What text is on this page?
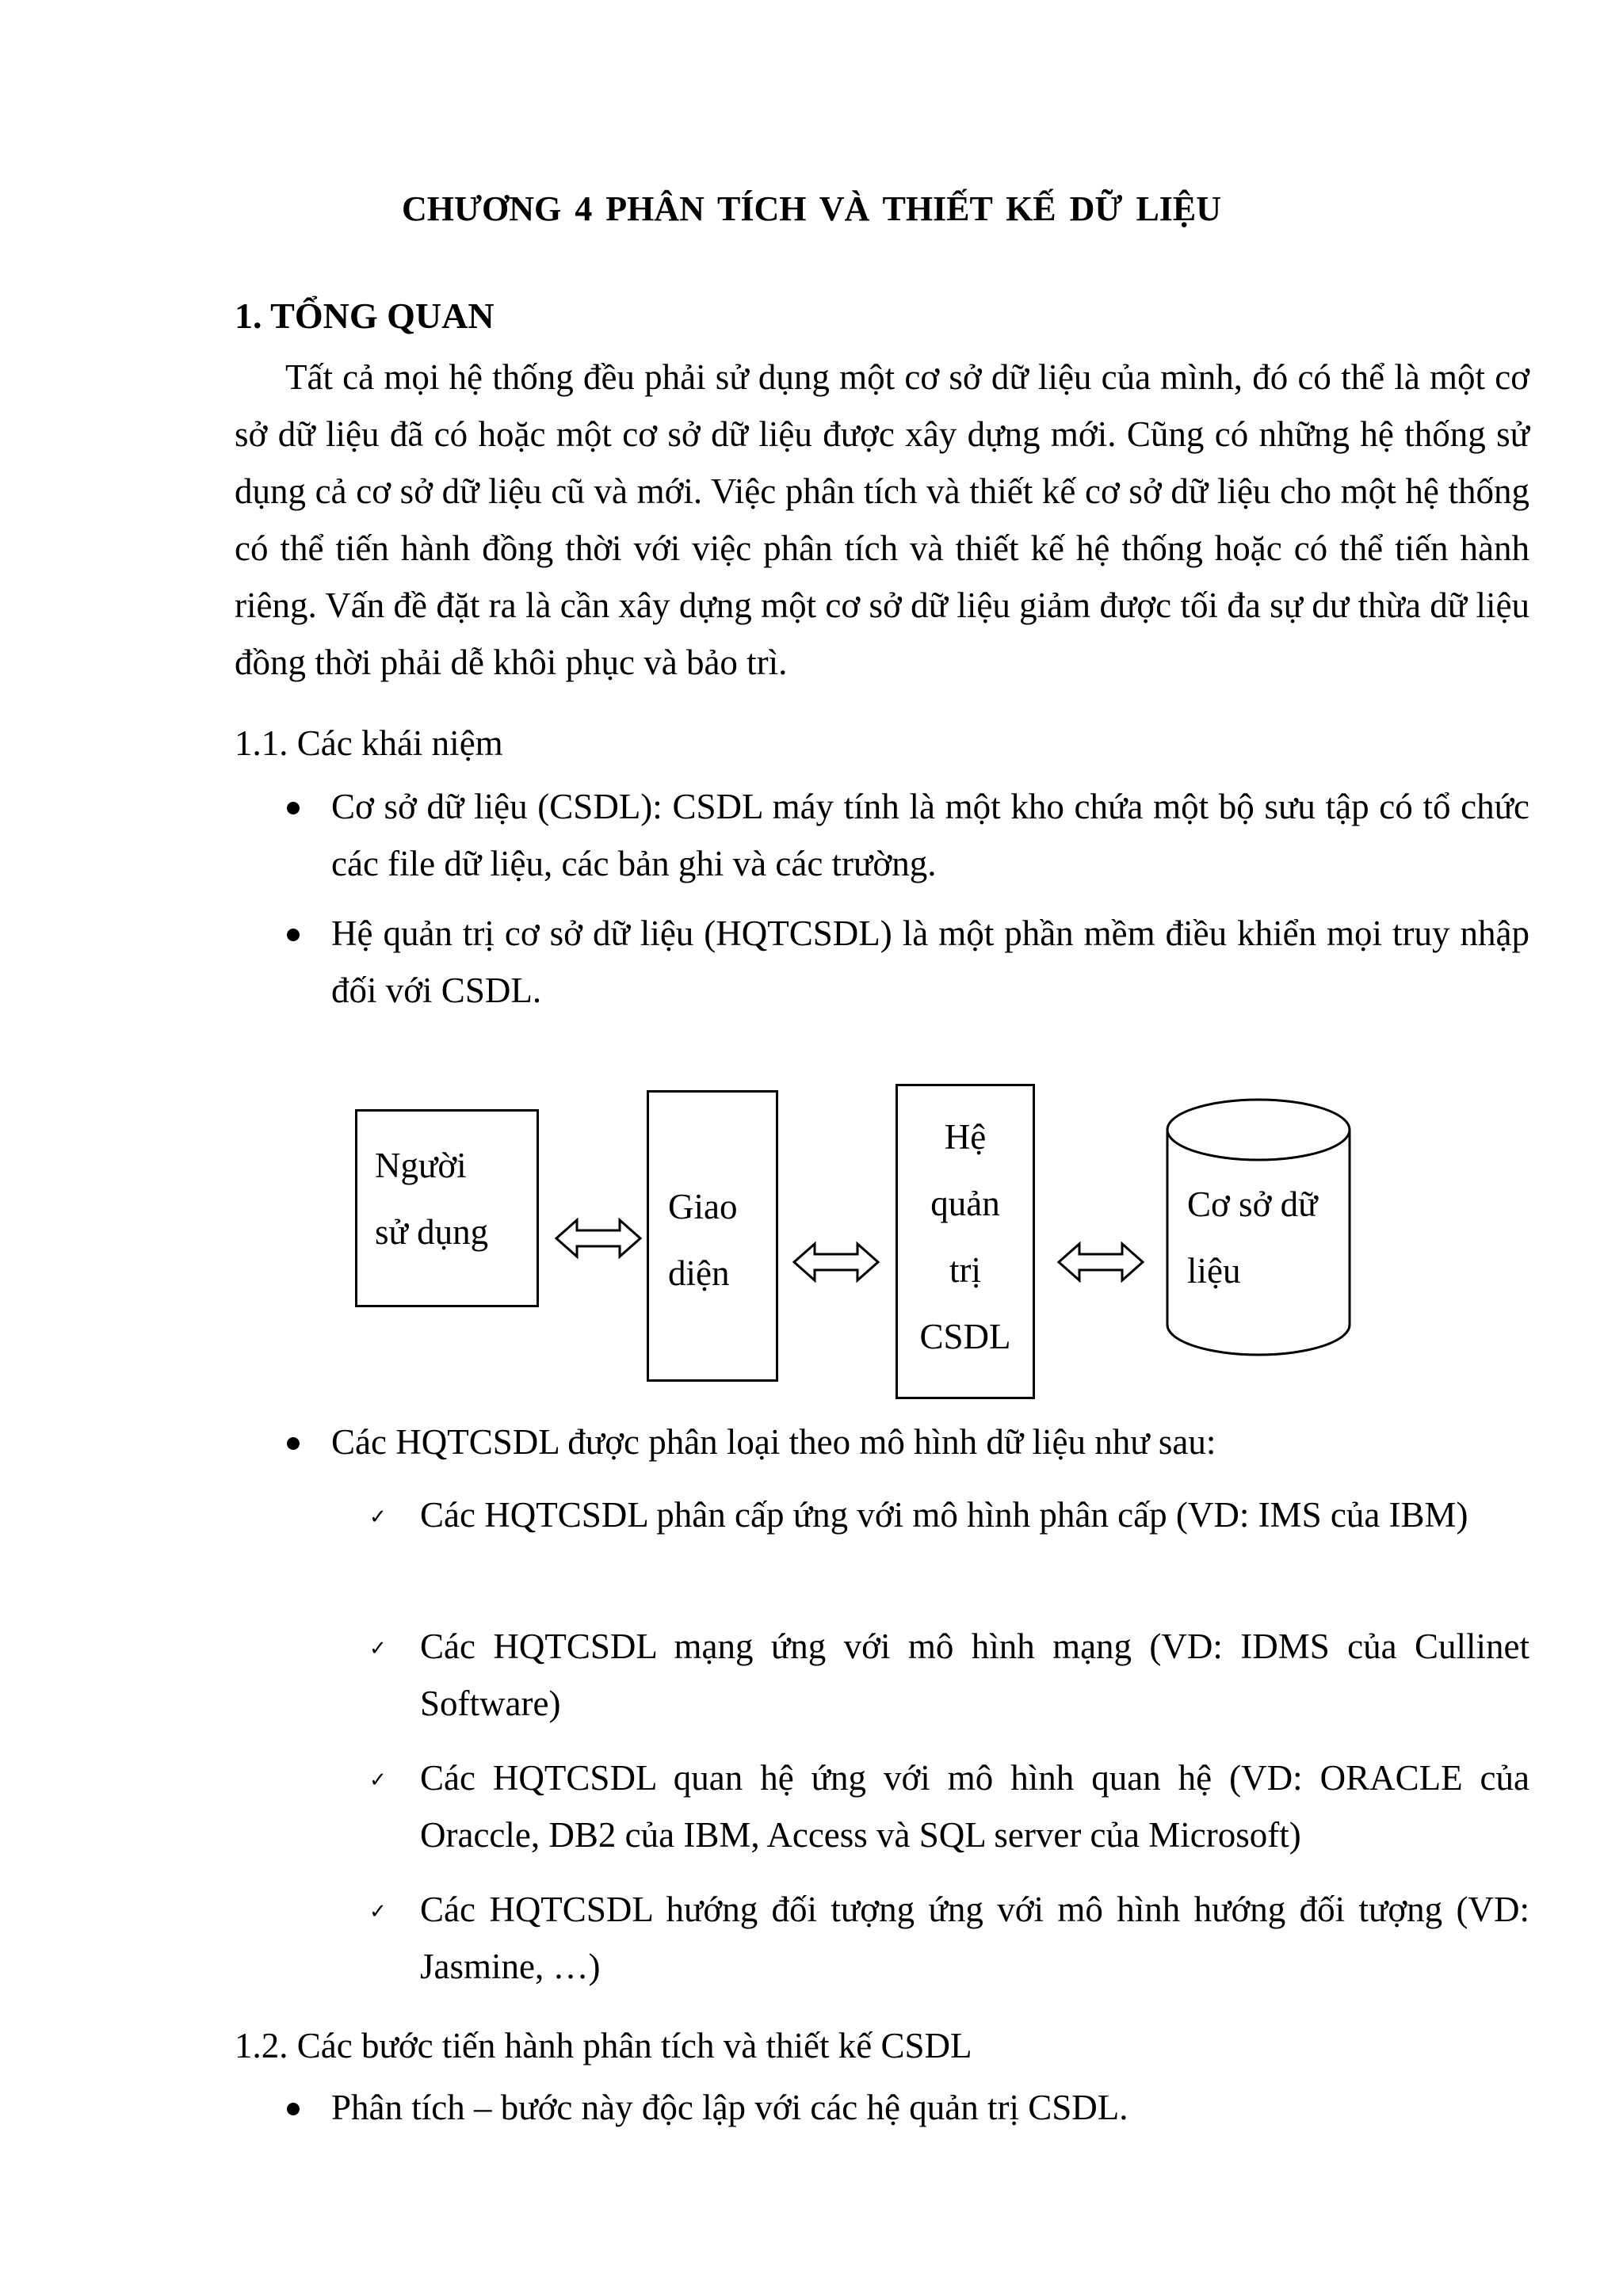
CHƯƠNG 4 PHÂN TÍCH VÀ THIẾT KẾ DỮ LIỆU
1. TỔNG QUAN

Tất cả mọi hệ thống đều phải sử dụng một cơ sở dữ liệu của mình, đó có thể là một cơ sở dữ liệu đã có hoặc một cơ sở dữ liệu được xây dựng mới. Cũng có những hệ thống sử dụng cả cơ sở dữ liệu cũ và mới. Việc phân tích và thiết kế cơ sở dữ liệu cho một hệ thống có thể tiến hành đồng thời với việc phân tích và thiết kế hệ thống hoặc có thể tiến hành riêng. Vấn đề đặt ra là cần xây dựng một cơ sở dữ liệu giảm được tối đa sự dư thừa dữ liệu đồng thời phải dễ khôi phục và bảo trì.

1.1. Các khái niệm

Cơ sở dữ liệu (CSDL): CSDL máy tính là một kho chứa một bộ sưu tập có tổ chức các file dữ liệu, các bản ghi và các trường.

Hệ quản trị cơ sở dữ liệu (HQTCSDL) là một phần mềm điều khiển mọi truy nhập đối với CSDL.

Người
sử dụng
Giao
diện
Hệ
quản
trị
CSDL
Cơ sở dữ
liệu

Các HQTCSDL được phân loại theo mô hình dữ liệu như sau:

✓ Các HQTCSDL phân cấp ứng với mô hình phân cấp (VD: IMS của IBM)

✓ Các HQTCSDL mạng ứng với mô hình mạng (VD: IDMS của Cullinet Software)

✓ Các HQTCSDL quan hệ ứng với mô hình quan hệ (VD: ORACLE của Oraccle, DB2 của IBM, Access và SQL server của Microsoft)

✓ Các HQTCSDL hướng đối tượng ứng với mô hình hướng đối tượng (VD: Jasmine, …)

1.2. Các bước tiến hành phân tích và thiết kế CSDL

Phân tích – bước này độc lập với các hệ quản trị CSDL.
